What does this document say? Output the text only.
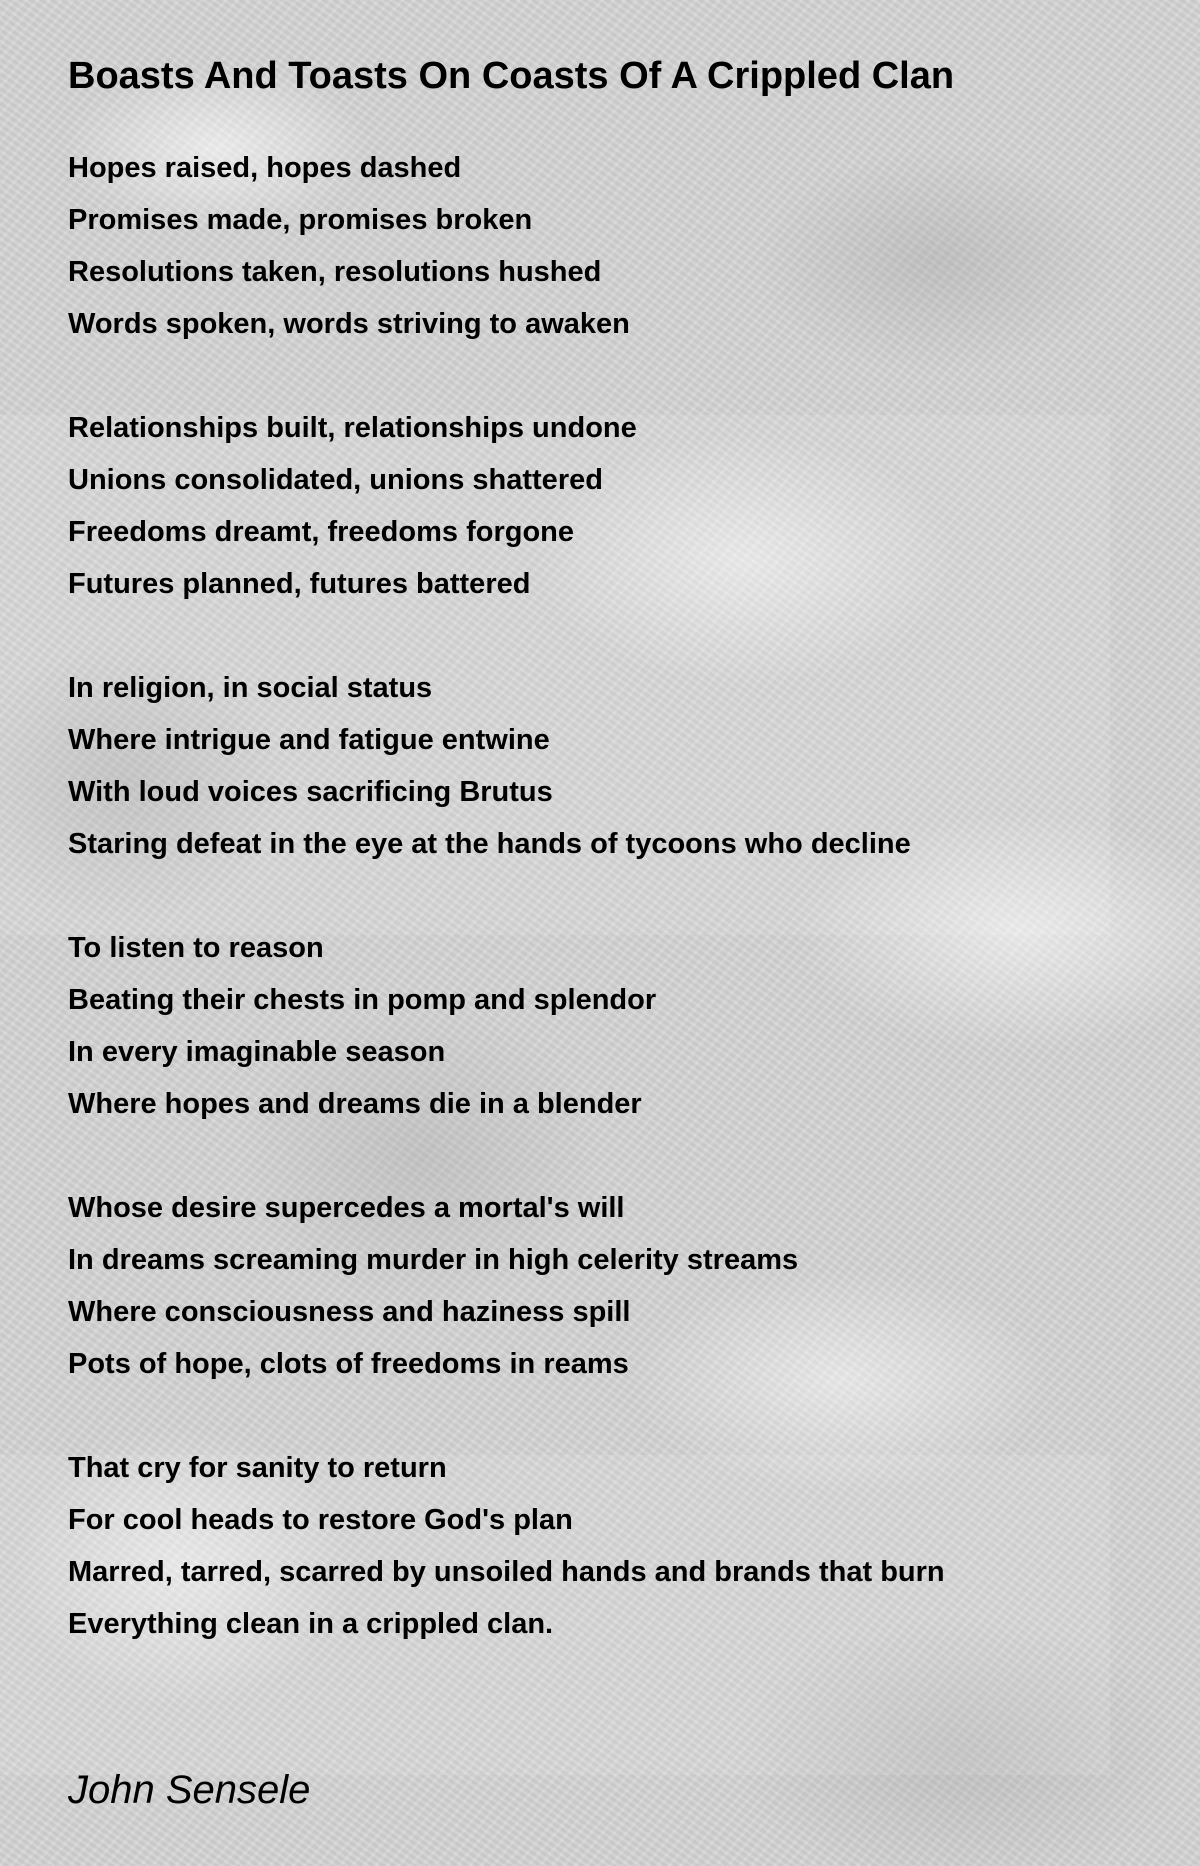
Boasts And Toasts On Coasts Of A Crippled Clan
Hopes raised, hopes dashed
Promises made, promises broken
Resolutions taken, resolutions hushed
Words spoken, words striving to awaken
Relationships built, relationships undone
Unions consolidated, unions shattered
Freedoms dreamt, freedoms forgone
Futures planned, futures battered
In religion, in social status
Where intrigue and fatigue entwine
With loud voices sacrificing Brutus
Staring defeat in the eye at the hands of tycoons who decline
To listen to reason
Beating their chests in pomp and splendor
In every imaginable season
Where hopes and dreams die in a blender
Whose desire supercedes a mortal's will
In dreams screaming murder in high celerity streams
Where consciousness and haziness spill
Pots of hope, clots of freedoms in reams
That cry for sanity to return
For cool heads to restore God's plan
Marred, tarred, scarred by unsoiled hands and brands that burn
Everything clean in a crippled clan.
John Sensele
